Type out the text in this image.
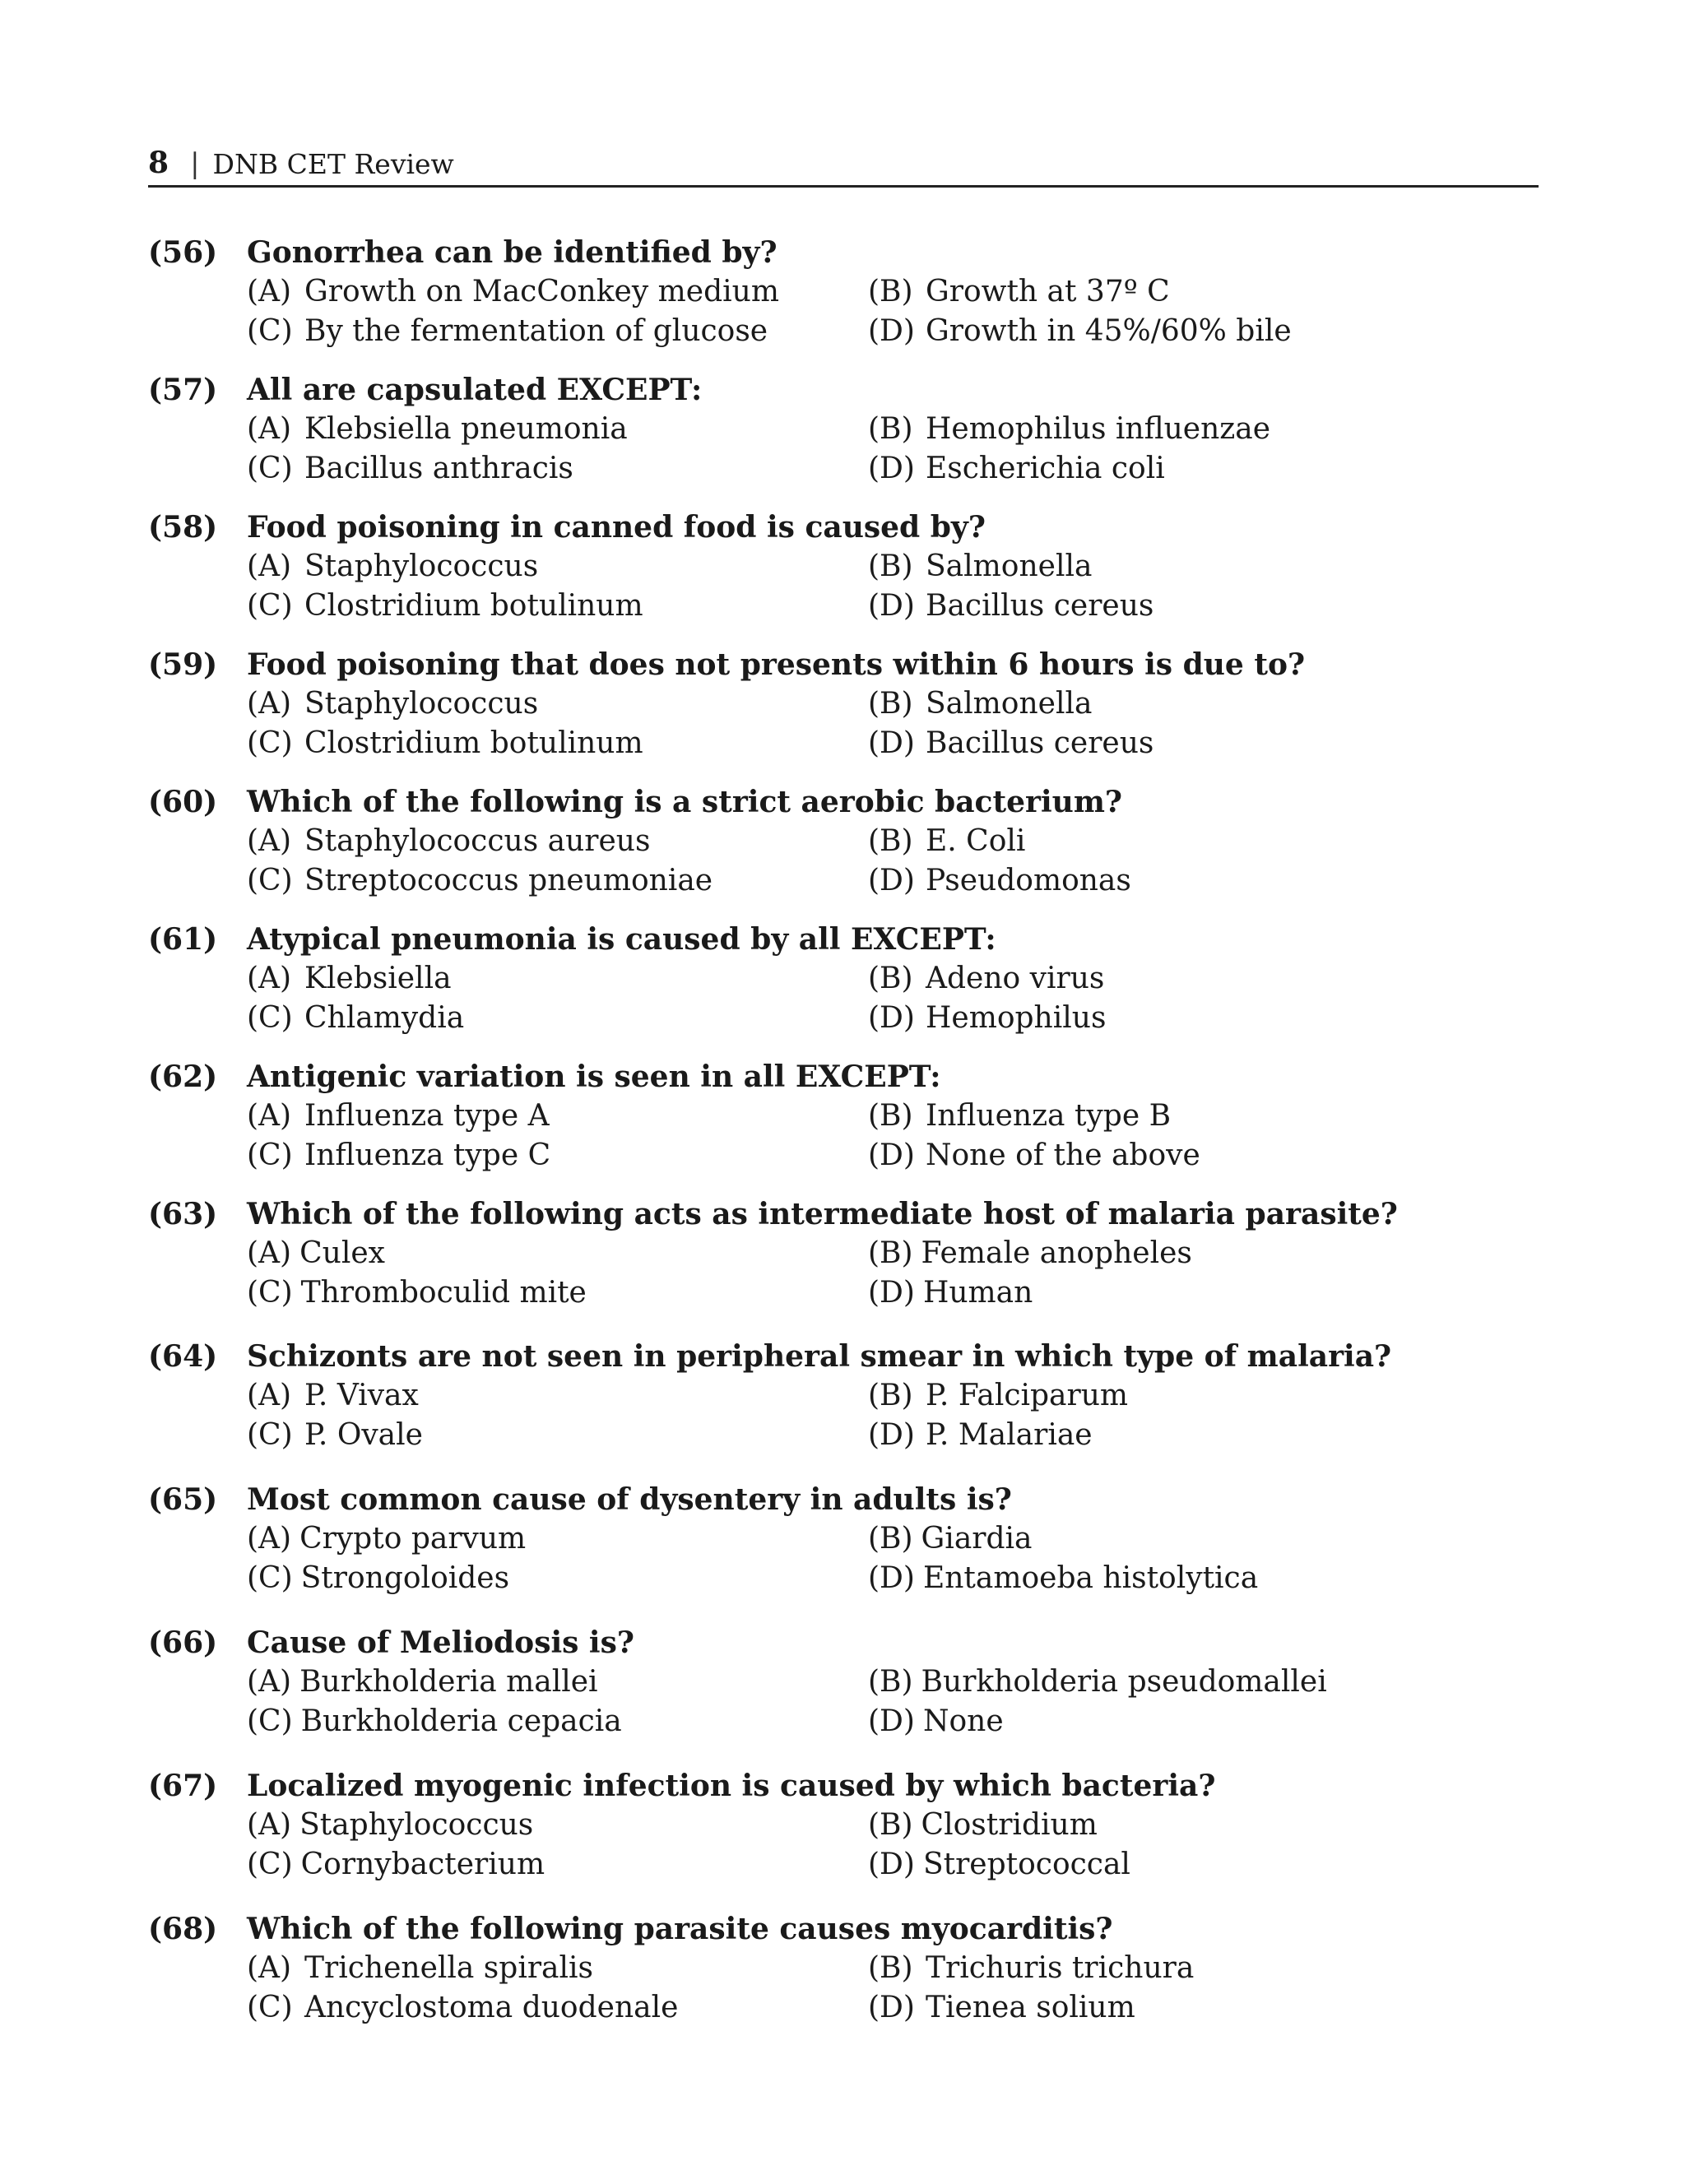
8 | DNB CET Review
(56) Gonorrhea can be identified by?
(A) Growth on MacConkey medium	(B) Growth at 37º C
(C) By the fermentation of glucose	(D) Growth in 45%/60% bile
(57) All are capsulated EXCEPT:
(A) Klebsiella pneumonia	(B) Hemophilus influenzae
(C) Bacillus anthracis	(D) Escherichia coli
(58) Food poisoning in canned food is caused by?
(A) Staphylococcus	(B) Salmonella
(C) Clostridium botulinum	(D) Bacillus cereus
(59) Food poisoning that does not presents within 6 hours is due to?
(A) Staphylococcus	(B) Salmonella
(C) Clostridium botulinum	(D) Bacillus cereus
(60) Which of the following is a strict aerobic bacterium?
(A) Staphylococcus aureus	(B) E. Coli
(C) Streptococcus pneumoniae	(D) Pseudomonas
(61) Atypical pneumonia is caused by all EXCEPT:
(A) Klebsiella	(B) Adeno virus
(C) Chlamydia	(D) Hemophilus
(62) Antigenic variation is seen in all EXCEPT:
(A) Influenza type A	(B) Influenza type B
(C) Influenza type C	(D) None of the above
(63) Which of the following acts as intermediate host of malaria parasite?
(A) Culex	(B) Female anopheles
(C) Thromboculid mite	(D) Human
(64) Schizonts are not seen in peripheral smear in which type of malaria?
(A) P. Vivax	(B) P. Falciparum
(C) P. Ovale	(D) P. Malariae
(65) Most common cause of dysentery in adults is?
(A) Crypto parvum	(B) Giardia
(C) Strongoloides	(D) Entamoeba histolytica
(66) Cause of Meliodosis is?
(A) Burkholderia mallei	(B) Burkholderia pseudomallei
(C) Burkholderia cepacia	(D) None
(67) Localized myogenic infection is caused by which bacteria?
(A) Staphylococcus	(B) Clostridium
(C) Cornybacterium	(D) Streptococcal
(68) Which of the following parasite causes myocarditis?
(A) Trichenella spiralis	(B) Trichuris trichura
(C) Ancyclostoma duodenale	(D) Tienea solium
